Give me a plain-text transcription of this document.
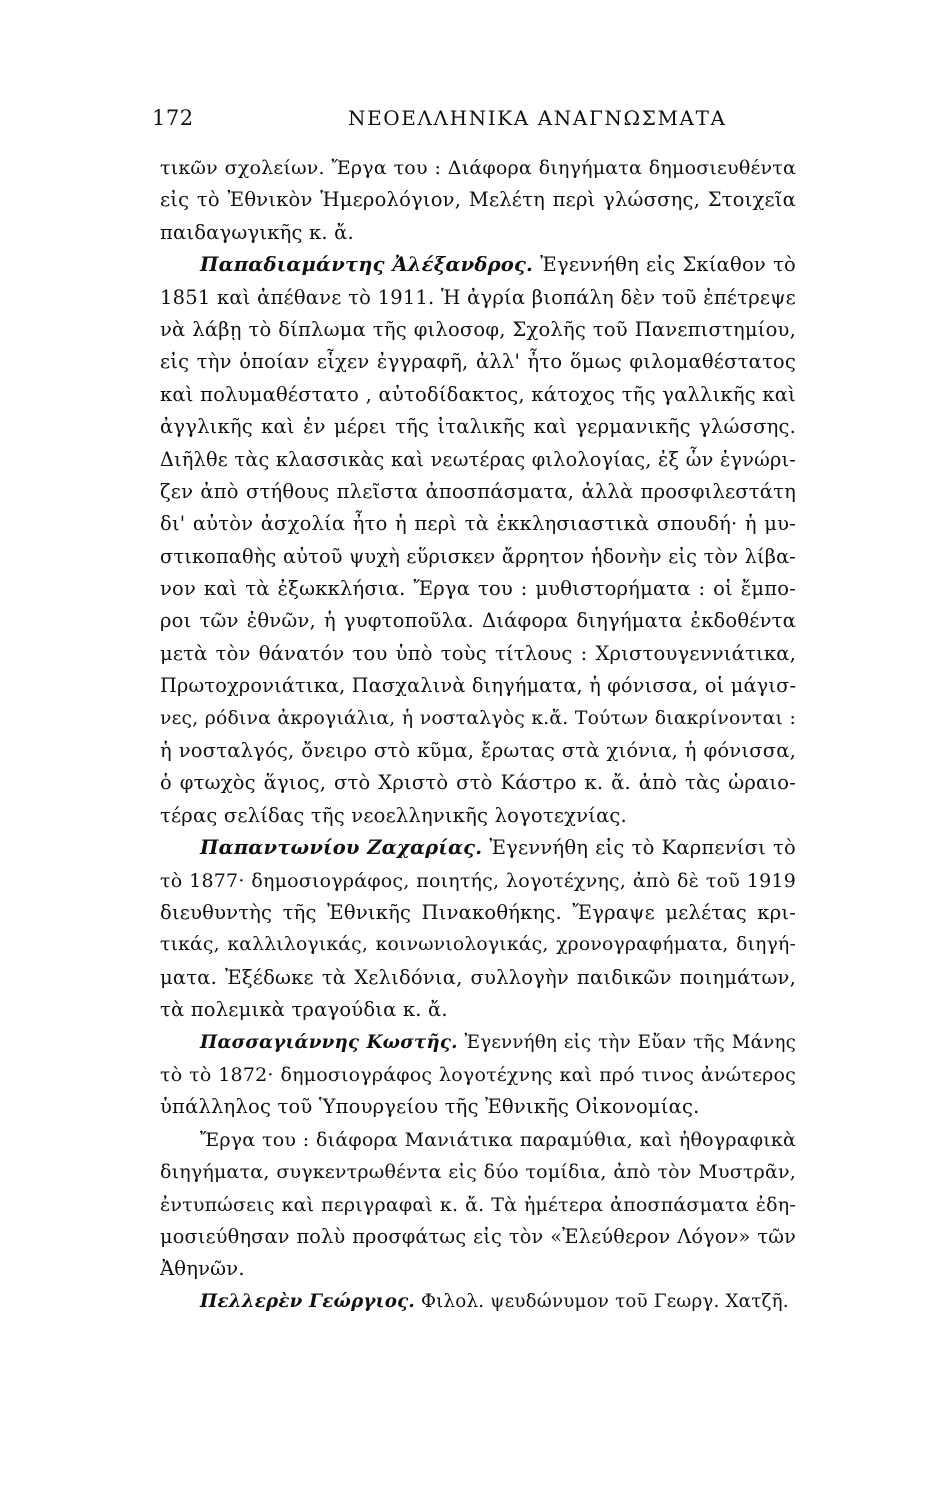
172	ΝΕΟΕΛΛΗΝΙΚΑ ΑΝΑΓΝΩΣΜΑΤΑ
τικῶν σχολείων. Ἔργα του : Διάφορα διηγήματα δημοσιευθέντα
εἰς τὸ Ἐθνικὸν Ἡμερολόγιον, Μελέτη περὶ γλώσσης, Στοιχεῖα
παιδαγωγικῆς κ. ἄ.
Παπαδιαμάντης Ἀλέξανδρος. Ἐγεννήθη εἰς Σκίαθον τὸ
1851 καὶ ἀπέθανε τὸ 1911. Ἡ ἀγρία βιοπάλη δὲν τοῦ ἐπέτρεψε
νὰ λάβῃ τὸ δίπλωμα τῆς φιλοσοφ, Σχολῆς τοῦ Πανεπιστημίου,
εἰς τὴν ὁποίαν εἶχεν ἐγγραφῆ, ἀλλ' ἦτο ὅμως φιλομαθέστατος
καὶ πολυμαθέστατο , αὐτοδίδακτος, κάτοχος τῆς γαλλικῆς καὶ
ἀγγλικῆς καὶ ἐν μέρει τῆς ἰταλικῆς καὶ γερμανικῆς γλώσσης.
Διῆλθε τὰς κλασσικὰς καὶ νεωτέρας φιλολογίας, ἐξ ὧν ἐγνώρι-
ζεν ἀπὸ στήθους πλεῖστα ἀποσπάσματα, ἀλλὰ προσφιλεστάτη
δι' αὐτὸν ἀσχολία ἦτο ἡ περὶ τὰ ἐκκλησιαστικὰ σπουδή· ἡ μυ-
στικοπαθὴς αὐτοῦ ψυχὴ εὕρισκεν ἄρρητον ἡδονὴν εἰς τὸν λίβα-
νον καὶ τὰ ἐξωκκλήσια. Ἔργα του : μυθιστορήματα : οἱ ἔμπο-
ροι τῶν ἐθνῶν, ἡ γυφτοποῦλα. Διάφορα διηγήματα ἐκδοθέντα
μετὰ τὸν θάνατόν του ὑπὸ τοὺς τίτλους : Χριστουγεννιάτικα,
Πρωτοχρονιάτικα, Πασχαλινὰ διηγήματα, ἡ φόνισσα, οἱ μάγισ-
νες, ρόδινα ἀκρογιάλια, ἡ νοσταλγὸς κ.ἄ. Τούτων διακρίνονται :
ἡ νοσταλγός, ὄνειρο στὸ κῦμα, ἔρωτας στὰ χιόνια, ἡ φόνισσα,
ὁ φτωχὸς ἅγιος, στὸ Χριστὸ στὸ Κάστρο κ. ἄ. ἀπὸ τὰς ὡραιο-
τέρας σελίδας τῆς νεοελληνικῆς λογοτεχνίας.
Παπαντωνίου Ζαχαρίας. Ἐγεννήθη εἰς τὸ Καρπενίσι τὸ
τὸ 1877· δημοσιογράφος, ποιητής, λογοτέχνης, ἀπὸ δὲ τοῦ 1919
διευθυντὴς τῆς Ἐθνικῆς Πινακοθήκης. Ἔγραψε μελέτας κρι-
τικάς, καλλιλογικάς, κοινωνιολογικάς, χρονογραφήματα, διηγή-
ματα. Ἐξέδωκε τὰ Χελιδόνια, συλλογὴν παιδικῶν ποιημάτων,
τὰ πολεμικὰ τραγούδια κ. ἄ.
Πασσαγιάννης Κωστῆς. Ἐγεννήθη εἰς τὴν Εὔαν τῆς Μάνης
τὸ τὸ 1872· δημοσιογράφος λογοτέχνης καὶ πρό τινος ἀνώτερος
ὑπάλληλος τοῦ Ὑπουργείου τῆς Ἐθνικῆς Οἰκονομίας.
Ἔργα του : διάφορα Μανιάτικα παραμύθια, καὶ ἠθογραφικὰ
διηγήματα, συγκεντρωθέντα εἰς δύο τομίδια, ἀπὸ τὸν Μυστρᾶν,
ἐντυπώσεις καὶ περιγραφαὶ κ. ἄ. Τὰ ἡμέτερα ἀποσπάσματα ἐδη-
μοσιεύθησαν πολὺ προσφάτως εἰς τὸν «Ἐλεύθερον Λόγον» τῶν
Ἀθηνῶν.
Πελλερὲν Γεώργιος. Φιλολ. ψευδώνυμον τοῦ Γεωργ. Χατζῆ.
